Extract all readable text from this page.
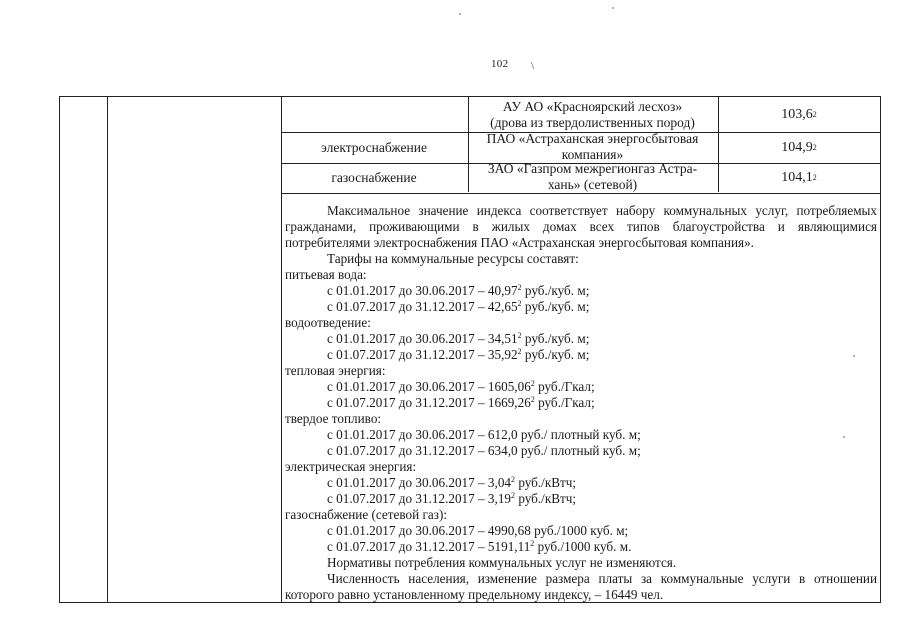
102 \
АУ АО «Красноярский лесхоз»
(дрова из твердолиственных пород)
103,6 2
электроснабжение
ПАО «Астраханская энергосбытовая
компания»	104,9 2
газоснабжение
ЗАО «Газпром межрегионгаз Астра-
хань» (сетевой)	104,1 2

Максимальное значение индекса соответствует набору коммунальных услуг, потребляемых гражданами, проживающими в жилых домах всех типов благоустройства и являющимися потребителями электроснабжения ПАО «Астраханская энергосбытовая компания».

Тарифы на коммунальные ресурсы составят:

питьевая вода:

с 01.01.2017 до 30.06.2017 – 40,97$^2$ руб./куб. м;

с 01.07.2017 до 31.12.2017 – 42,65$^2$ руб./куб. м;

водоотведение:

с 01.01.2017 до 30.06.2017 – 34,51$^2$ руб./куб. м;

с 01.07.2017 до 31.12.2017 – 35,92$^2$ руб./куб. м;

тепловая энергия:

с 01.01.2017 до 30.06.2017 – 1605,06$^2$ руб./Гкал;

с 01.07.2017 до 31.12.2017 – 1669,26$^2$ руб./Гкал;

твердое топливо:

с 01.01.2017 до 30.06.2017 – 612,0 руб./ плотный куб. м;

с 01.07.2017 до 31.12.2017 – 634,0 руб./ плотный куб. м;

электрическая энергия:

с 01.01.2017 до 30.06.2017 – 3,04$^2$ руб./кВтч;

с 01.07.2017 до 31.12.2017 – 3,19$^2$ руб./кВтч;

газоснабжение (сетевой газ):

с 01.01.2017 до 30.06.2017 – 4990,68 руб./1000 куб. м;

с 01.07.2017 до 31.12.2017 – 5191,11$^2$ руб./1000 куб. м.

Нормативы потребления коммунальных услуг не изменяются.

Численность населения, изменение размера платы за коммунальные услуги в отношении которого равно установленному предельному индексу, – 16449 чел.
